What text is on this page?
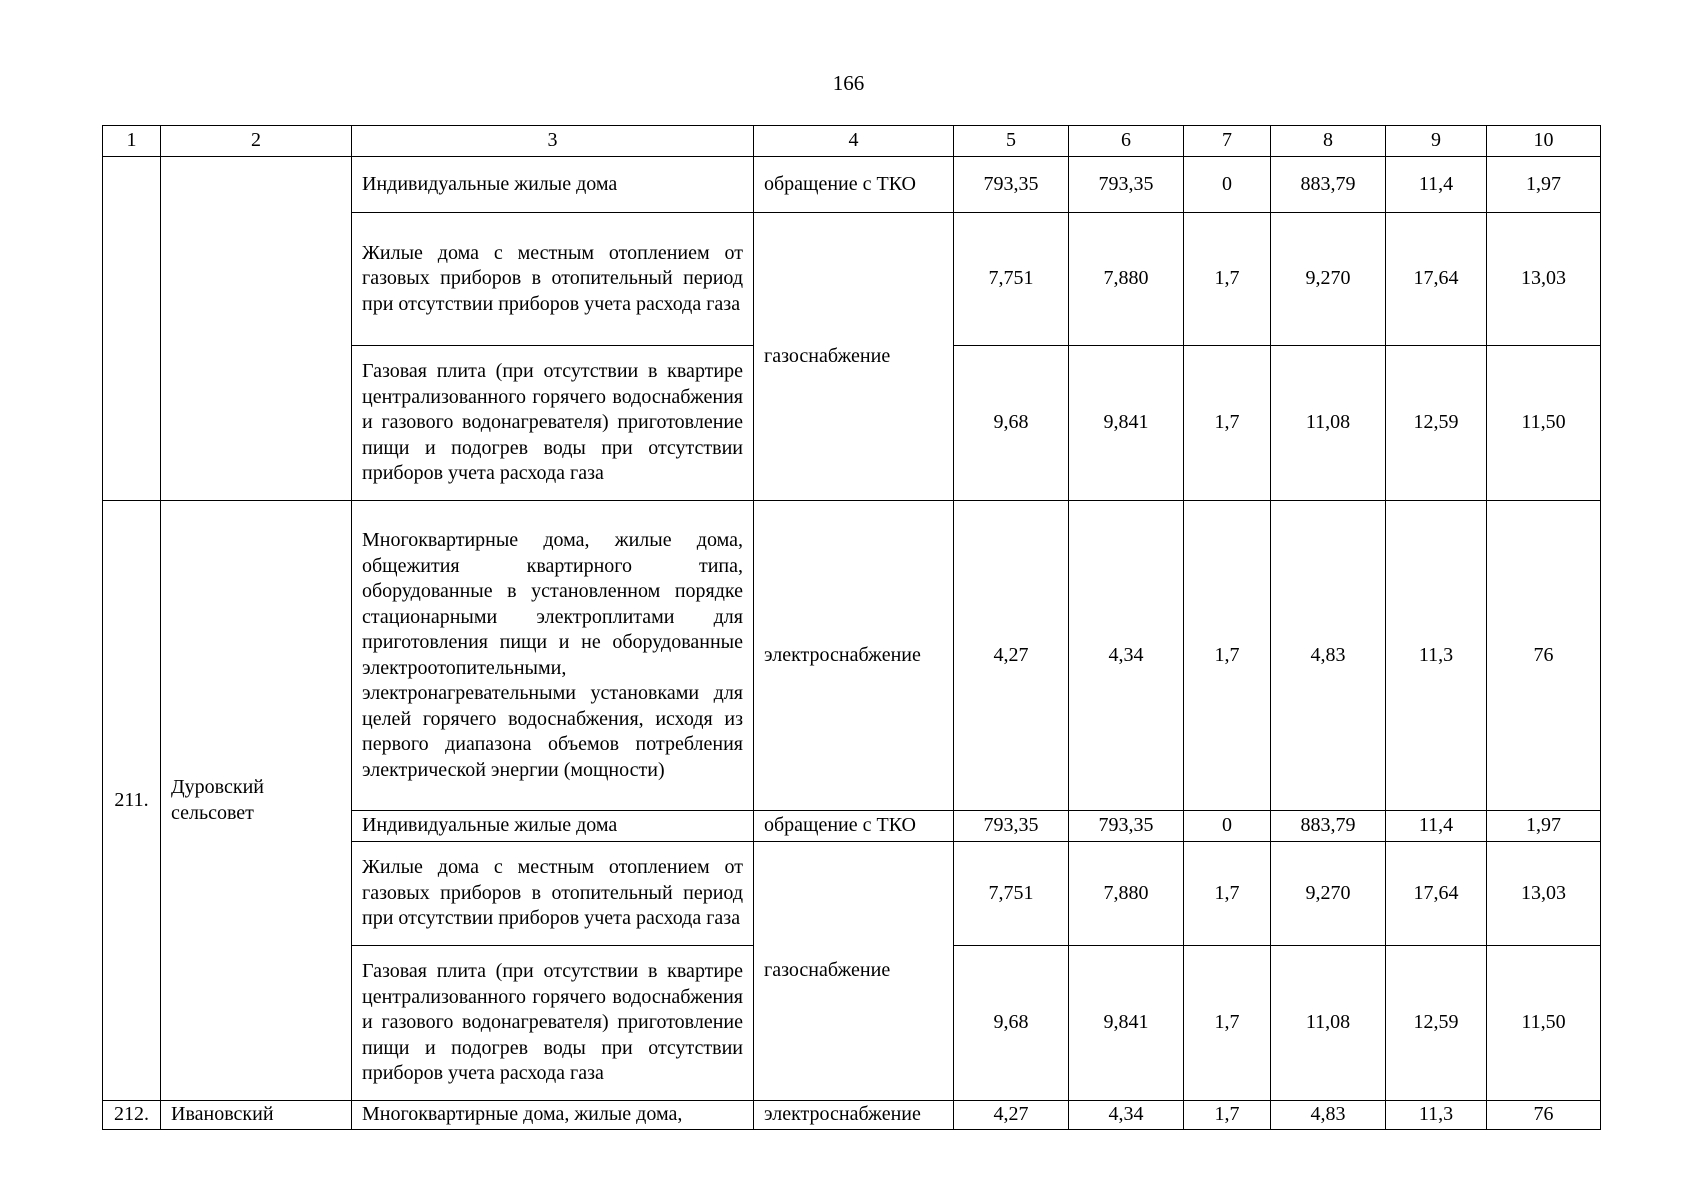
166
1	2	3	4	5	6	7	8	9	10
		Индивидуальные жилые дома	обращение с ТКО	793,35	793,35	0	883,79	11,4	1,97
		Жилые дома с местным отоплением от газовых приборов в отопительный период при отсутствии приборов учета расхода газа	газоснабжение	7,751	7,880	1,7	9,270	17,64	13,03
		Газовая плита (при отсутствии в квартире централизованного горячего водоснабжения и газового водонагревателя) приготовление пищи и подогрев воды при отсутствии приборов учета расхода газа		9,68	9,841	1,7	11,08	12,59	11,50
211.	Дуровский сельсовет	Многоквартирные дома, жилые дома, общежития квартирного типа, оборудованные в установленном порядке стационарными электроплитами для приготовления пищи и не оборудованные электроотопительными, электронагревательными установками для целей горячего водоснабжения, исходя из первого диапазона объемов потребления электрической энергии (мощности)	электроснабжение	4,27	4,34	1,7	4,83	11,3	76
		Индивидуальные жилые дома	обращение с ТКО	793,35	793,35	0	883,79	11,4	1,97
		Жилые дома с местным отоплением от газовых приборов в отопительный период при отсутствии приборов учета расхода газа	газоснабжение	7,751	7,880	1,7	9,270	17,64	13,03
		Газовая плита (при отсутствии в квартире централизованного горячего водоснабжения и газового водонагревателя) приготовление пищи и подогрев воды при отсутствии приборов учета расхода газа		9,68	9,841	1,7	11,08	12,59	11,50
212.	Ивановский	Многоквартирные дома, жилые дома,	электроснабжение	4,27	4,34	1,7	4,83	11,3	76
